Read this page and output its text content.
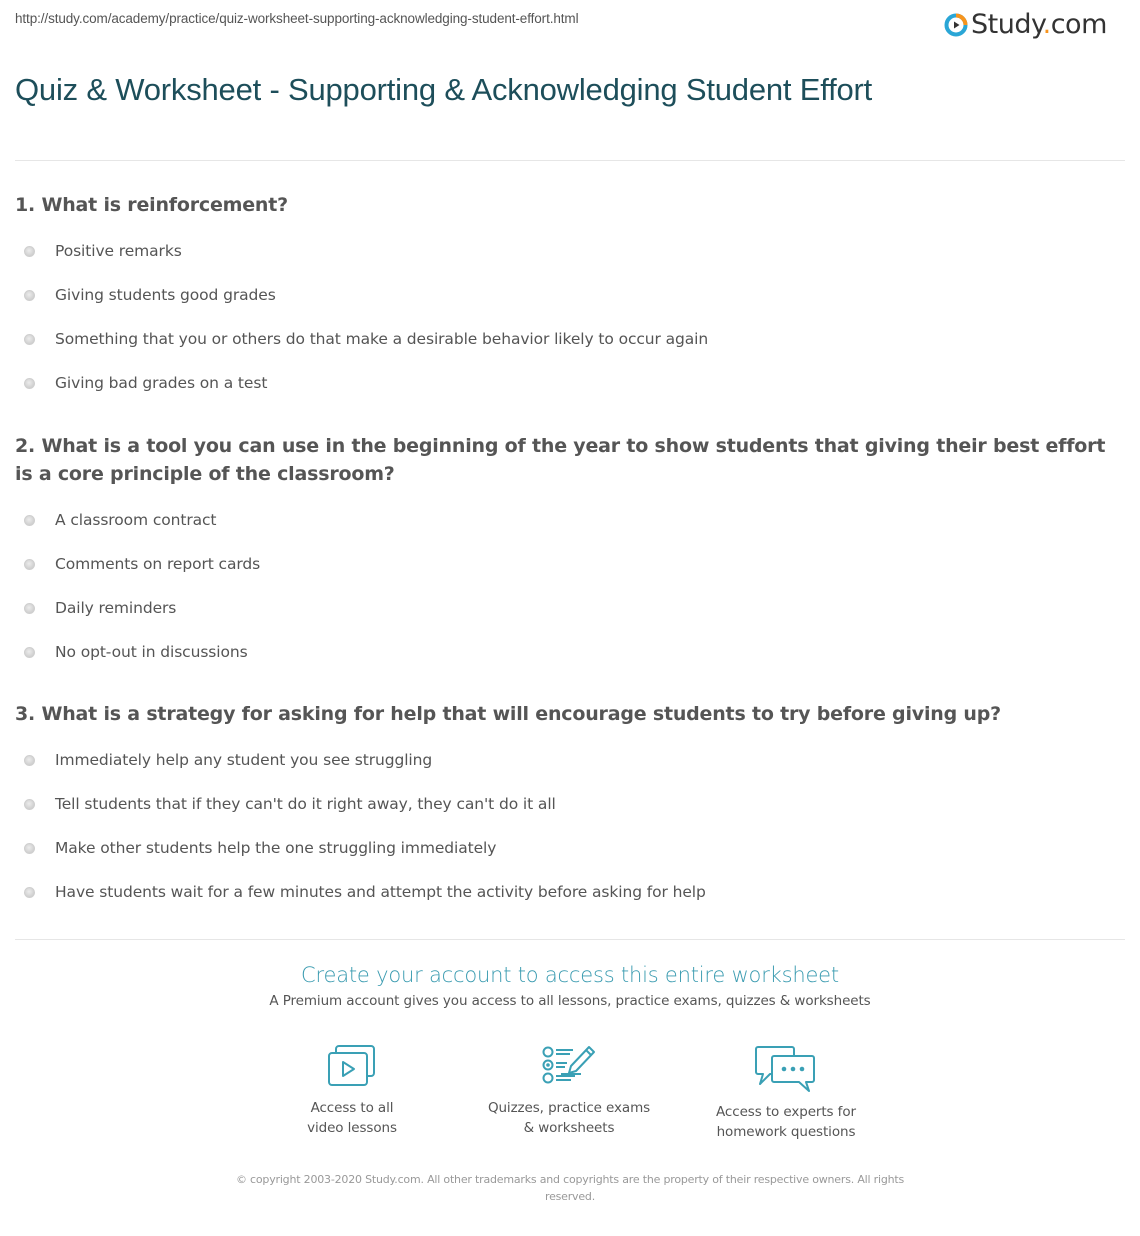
http://study.com/academy/practice/quiz-worksheet-supporting-acknowledging-student-effort.html	Study.com
Quiz & Worksheet - Supporting & Acknowledging Student Effort
1. What is reinforcement?
Positive remarks
Giving students good grades
Something that you or others do that make a desirable behavior likely to occur again
Giving bad grades on a test
2. What is a tool you can use in the beginning of the year to show students that giving their best effort is a core principle of the classroom?
A classroom contract
Comments on report cards
Daily reminders
No opt-out in discussions
3. What is a strategy for asking for help that will encourage students to try before giving up?
Immediately help any student you see struggling
Tell students that if they can't do it right away, they can't do it all
Make other students help the one struggling immediately
Have students wait for a few minutes and attempt the activity before asking for help
Create your account to access this entire worksheet
A Premium account gives you access to all lessons, practice exams, quizzes & worksheets
Access to all
video lessons
Quizzes, practice exams
& worksheets
Access to experts for
homework questions
© copyright 2003-2020 Study.com. All other trademarks and copyrights are the property of their respective owners. All rights reserved.
